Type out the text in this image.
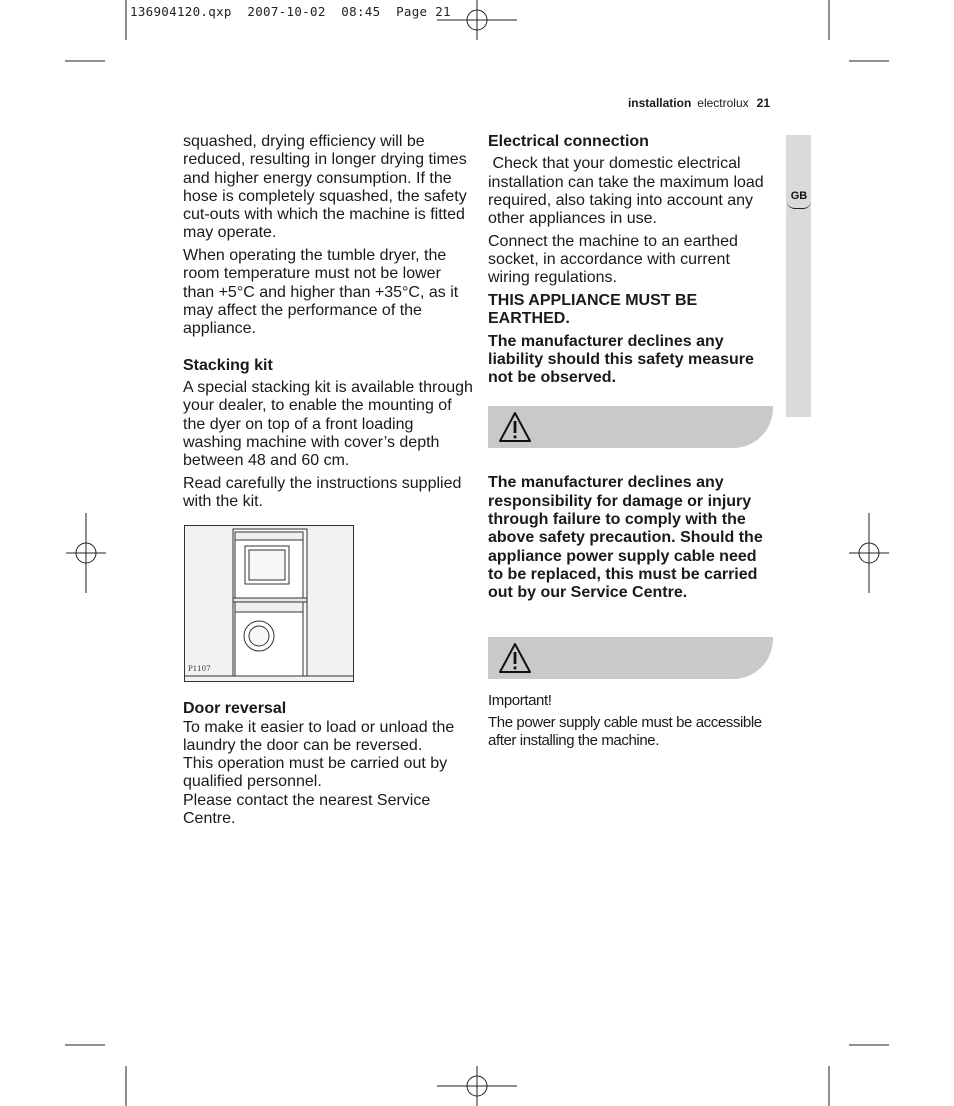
136904120.qxp  2007-10-02  08:45  Page 21
installation electrolux 21
GB

squashed, drying efficiency will be reduced, resulting in longer drying times and higher energy consumption. If the hose is completely squashed, the safety cut-outs with which the machine is fitted may operate.

When operating the tumble dryer, the room temperature must not be lower than +5°C and higher than +35°C, as it may affect the performance of the appliance.

Stacking kit

A special stacking kit is available through your dealer, to enable the mounting of the dyer on top of a front loading washing machine with cover’s depth between 48 and 60 cm.

Read carefully the instructions supplied with the kit.

P1107
Door reversal

To make it easier to load or unload the laundry the door can be reversed.

This operation must be carried out by qualified personnel.

Please contact the nearest Service Centre.

Electrical connection

Check that your domestic electrical installation can take the maximum load required, also taking into account any other appliances in use.

Connect the machine to an earthed socket, in accordance with current wiring regulations.

THIS APPLIANCE MUST BE EARTHED.

The manufacturer declines any liability should this safety measure not be observed.

The manufacturer declines any responsibility for damage or injury through failure to comply with the above safety precaution. Should the appliance power supply cable need to be replaced, this must be carried out by our Service Centre.

Important!

The power supply cable must be accessible after installing the machine.
